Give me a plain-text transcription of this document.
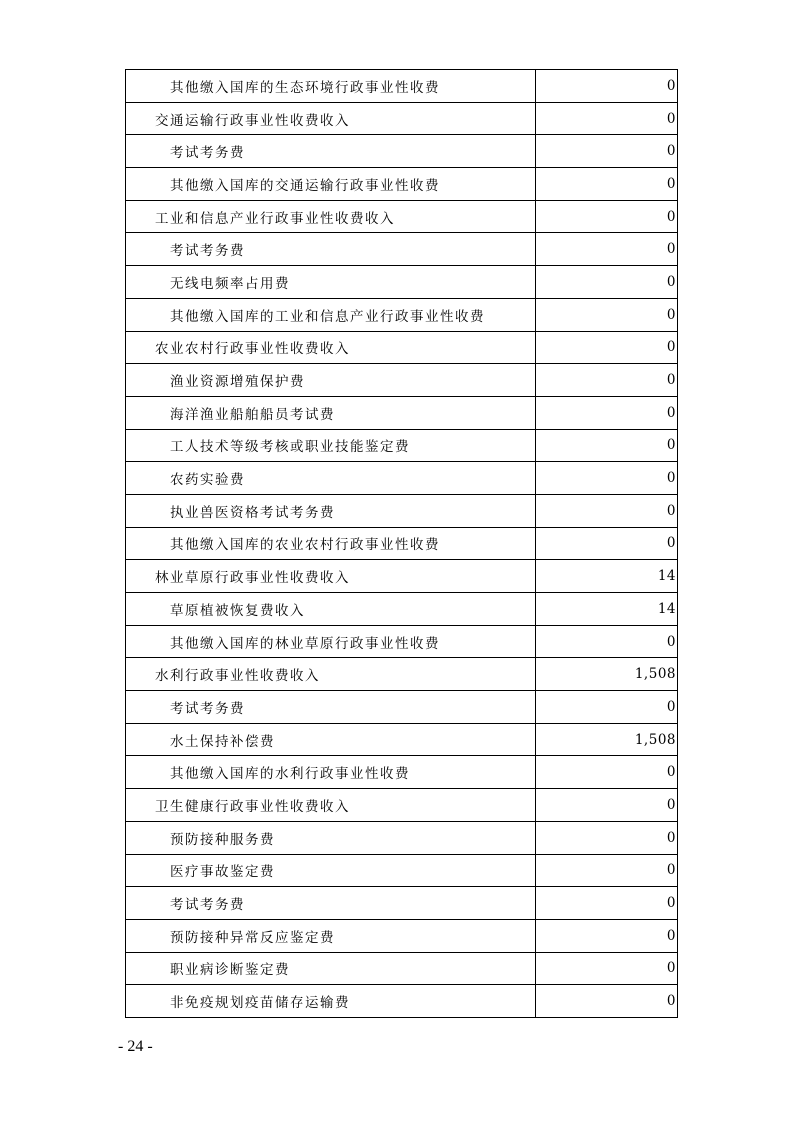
其他缴入国库的生态环境行政事业性收费	0
交通运输行政事业性收费收入	0
考试考务费	0
其他缴入国库的交通运输行政事业性收费	0
工业和信息产业行政事业性收费收入	0
考试考务费	0
无线电频率占用费	0
其他缴入国库的工业和信息产业行政事业性收费	0
农业农村行政事业性收费收入	0
渔业资源增殖保护费	0
海洋渔业船舶船员考试费	0
工人技术等级考核或职业技能鉴定费	0
农药实验费	0
执业兽医资格考试考务费	0
其他缴入国库的农业农村行政事业性收费	0
林业草原行政事业性收费收入	14
草原植被恢复费收入	14
其他缴入国库的林业草原行政事业性收费	0
水利行政事业性收费收入	1,508
考试考务费	0
水土保持补偿费	1,508
其他缴入国库的水利行政事业性收费	0
卫生健康行政事业性收费收入	0
预防接种服务费	0
医疗事故鉴定费	0
考试考务费	0
预防接种异常反应鉴定费	0
职业病诊断鉴定费	0
非免疫规划疫苗储存运输费	0
- 24 -
